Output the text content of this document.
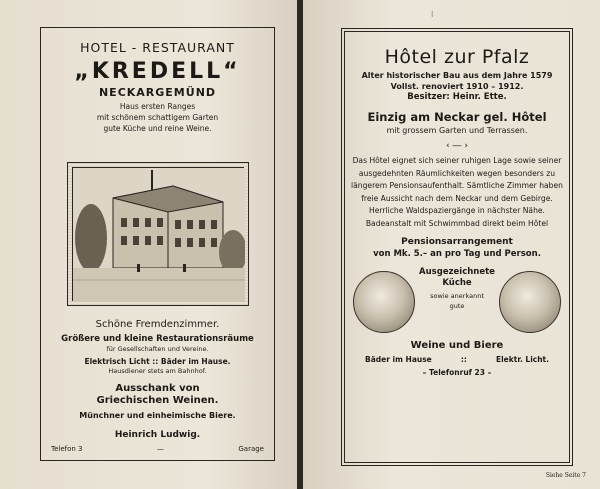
HOTEL - RESTAURANT

„KREDELL“

NECKARGEMÜND

Haus ersten Ranges

mit schönem schattigem Garten

gute Küche und reine Weine.

Schöne Fremdenzimmer.

Größere und kleine Restaurationsräume

für Gesellschaften und Vereine.

Elektrisch Licht :: Bäder im Hause.

Hausdiener stets am Bahnhof.

Ausschank von

Griechischen Weinen.

Münchner und einheimische Biere.

Heinrich Ludwig.

Telefon 3	—	Garage
I

Hôtel zur Pfalz

Alter historischer Bau aus dem Jahre 1579

Vollst. renoviert 1910 – 1912.

Besitzer: Heinr. Ette.

Einzig am Neckar gel. Hôtel

mit grossem Garten und Terrassen.

‹ ― ›

Das Hôtel eignet sich seiner ruhigen Lage sowie seiner ausgedehnten Räumlichkeiten wegen besonders zu längerem Pensionsaufenthalt. Sämtliche Zimmer haben freie Aussicht nach dem Neckar und dem Gebirge. Herrliche Waldspaziergänge in nächster Nähe. Badeanstalt mit Schwimmbad direkt beim Hôtel

Pensionsarrangement

von Mk. 5.– an pro Tag und Person.

Ausgezeichnete

Küche

sowie anerkannt

gute

Weine und Biere

Bäder im Hause	::	Elektr. Licht.

– Telefonruf 23 –

Siehe Seite 7
